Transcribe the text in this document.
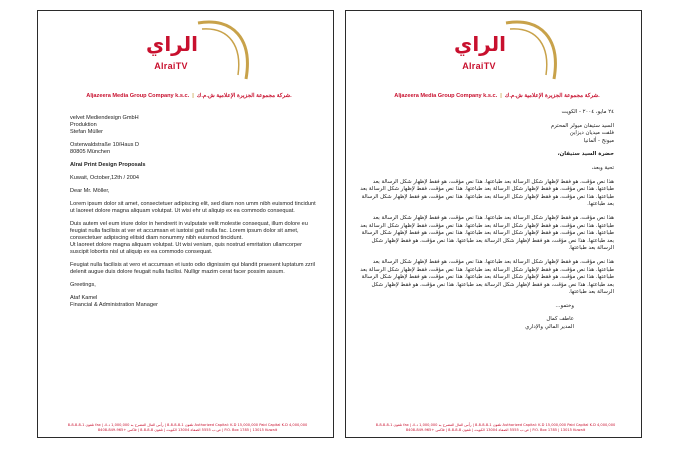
الراي
AlraiTV
Aljazeera Media Group Company k.s.c. | شركة مجموعة الجزيرة الإعلامية ش.م.ك.
velvet Mediendesign GmbH
Produktion
Stefan Müller
Osterwaldstraße 10/Haus D
80805 München

Alrai Print Design Proposals

Kuwait, October,12th / 2004

Dear Mr. Möller,

Lorem ipsum dolor sit amet, consectetuer adipiscing elit, sed diam non umm nibh euismod tincidunt ut laoreet dolore magna aliquam volutpat. Ut wisi ehr ut aliquip ex ea commodo consequat.

Duis autem vel eum iriure dolor in hendrerit in vulputate velit molestie consequat, illum dolore eu feugiat nulla facilisis at ver et accumsan et iustoisi gait nulla fac. Lorem ipsum dolor sit amet, consectetuer adipiscing elitsid diam nonummy nibh euismod tincidunt.

Ut laoreet dolore magna aliquam volutpat. Ut wisi veniam, quis nostrud emritation ullamcorper suscipit lobortis nisl ut aliquip ex ea commodo consequat.

Feugiat nulla facilisis at vero et accumsan et iusto odio dignissim qui blandit praesent luptatum zzril delenit augue duis dolore feugait nulla facilisi. Nulligr mazim cerat facer possim assum.

Greetings,

Ataf Kamel
Financial & Administration Manager
تلفون 1-8-8-8-8 fax | تلفون 1-8-8-8-8 | رأس المال المصرح به 1,000,000 د.ك Authorized Capital: K.D 15,000,000 Paid Capital K.D 4,000,000
ص.ب 5555 الصفاة 13004 الكويت | تلفون 8-8-8-8 | فاكس +965-849-8408 | P.O. Box 1785 | 13015 Kuwait
الراي
AlraiTV
Aljazeera Media Group Company k.s.c. | شركة مجموعة الجزيرة الإعلامية ش.م.ك.

٢٤ مايو، ٢٠٠٤ - الكويت

السيد ستيفان ميولر المحترم
فلفت ميديان ديزاين
ميونخ - ألمانيا

حضرة السيد ستيفان،

تحية وبعد،

هذا نص مؤقت، هو فقط لإظهار شكل الرسالة بعد طباعتها. هذا نص مؤقت، هو فقط لإظهار شكل الرسالة بعد طباعتها. هذا نص مؤقت، هو فقط لإظهار شكل الرسالة بعد طباعتها. هذا نص مؤقت، فقط لإظهار شكل الرسالة بعد طباعتها. هذا نص مؤقت، هو فقط لإظهار شكل الرسالة بعد طباعتها. هذا نص مؤقت، هو فقط لإظهار شكل الرسالة بعد طباعتها.

هذا نص مؤقت، هو فقط لإظهار شكل الرسالة بعد طباعتها. هذا نص مؤقت، هو فقط لإظهار شكل الرسالة بعد طباعتها. هذا نص مؤقت، هو فقط لإظهار شكل الرسالة بعد طباعتها. هذا نص مؤقت، فقط لإظهار شكل الرسالة بعد طباعتها. هذا نص مؤقت، هو فقط لإظهار شكل الرسالة بعد طباعتها. هذا نص مؤقت، هو فقط لإظهار شكل الرسالة بعد طباعتها. هذا نص مؤقت، هو فقط لإظهار شكل الرسالة بعد طباعتها. هذا نص مؤقت، هو فقط لإظهار شكل الرسالة بعد طباعتها.

هذا نص مؤقت، هو فقط لإظهار شكل الرسالة بعد طباعتها. هذا نص مؤقت، هو فقط لإظهار شكل الرسالة بعد طباعتها. هذا نص مؤقت، هو فقط لإظهار شكل الرسالة بعد طباعتها. هذا نص مؤقت، فقط لإظهار شكل الرسالة بعد طباعتها. هذا نص مؤقت، هو فقط لإظهار شكل الرسالة بعد طباعتها. هذا نص مؤقت، هو فقط لإظهار شكل الرسالة بعد طباعتها. هذا نص مؤقت، هو فقط لإظهار شكل الرسالة بعد طباعتها. هذا نص مؤقت، هو فقط لإظهار شكل الرسالة بعد طباعتها.

وختمو...

عاطف كمال
المدير المالي والإداري
تلفون 1-8-8-8-8 fax | تلفون 1-8-8-8-8 | رأس المال المصرح به 1,000,000 د.ك Authorized Capital: K.D 15,000,000 Paid Capital K.D 4,000,000
ص.ب 5555 الصفاة 13004 الكويت | تلفون 8-8-8-8 | فاكس +965-849-8408 | P.O. Box 1785 | 13015 Kuwait
